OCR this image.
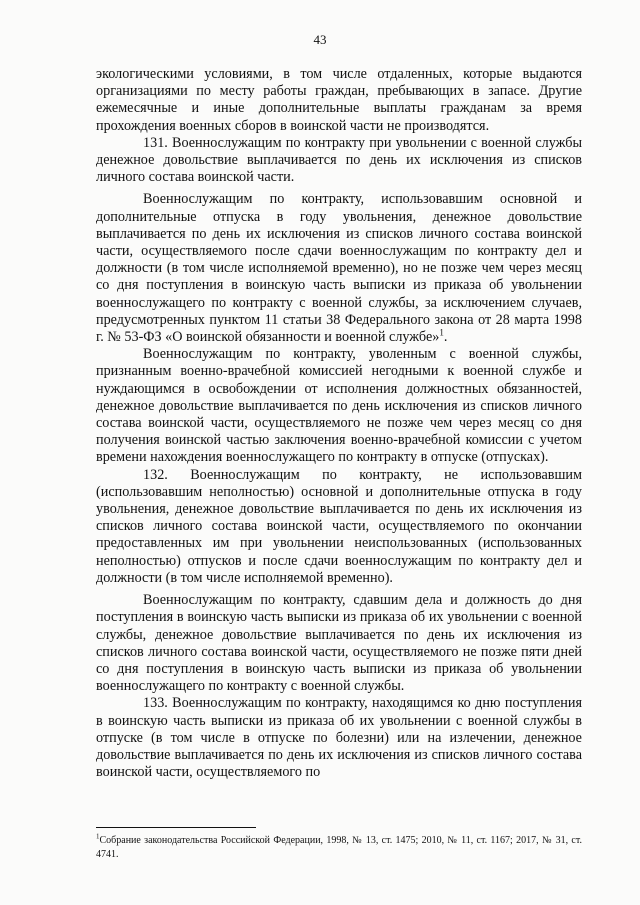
43

экологическими условиями, в том числе отдаленных, которые выдаются организациями по месту работы граждан, пребывающих в запасе. Другие ежемесячные и иные дополнительные выплаты гражданам за время прохождения военных сборов в воинской части не производятся.

131. Военнослужащим по контракту при увольнении с военной службы денежное довольствие выплачивается по день их исключения из списков личного состава воинской части.

Военнослужащим по контракту, использовавшим основной и дополнительные отпуска в году увольнения, денежное довольствие выплачивается по день их исключения из списков личного состава воинской части, осуществляемого после сдачи военнослужащим по контракту дел и должности (в том числе исполняемой временно), но не позже чем через месяц со дня поступления в воинскую часть выписки из приказа об увольнении военнослужащего по контракту с военной службы, за исключением случаев, предусмотренных пунктом 11 статьи 38 Федерального закона от 28 марта 1998 г. № 53-ФЗ «О воинской обязанности и военной службе»$^1$.

Военнослужащим по контракту, уволенным с военной службы, признанным военно-врачебной комиссией негодными к военной службе и нуждающимся в освобождении от исполнения должностных обязанностей, денежное довольствие выплачивается по день исключения из списков личного состава воинской части, осуществляемого не позже чем через месяц со дня получения воинской частью заключения военно-врачебной комиссии с учетом времени нахождения военнослужащего по контракту в отпуске (отпусках).

132. Военнослужащим по контракту, не использовавшим (использовавшим неполностью) основной и дополнительные отпуска в году увольнения, денежное довольствие выплачивается по день их исключения из списков личного состава воинской части, осуществляемого по окончании предоставленных им при увольнении неиспользованных (использованных неполностью) отпусков и после сдачи военнослужащим по контракту дел и должности (в том числе исполняемой временно).

Военнослужащим по контракту, сдавшим дела и должность до дня поступления в воинскую часть выписки из приказа об их увольнении с военной службы, денежное довольствие выплачивается по день их исключения из списков личного состава воинской части, осуществляемого не позже пяти дней со дня поступления в воинскую часть выписки из приказа об увольнении военнослужащего по контракту с военной службы.

133. Военнослужащим по контракту, находящимся ко дню поступления в воинскую часть выписки из приказа об их увольнении с военной службы в отпуске (в том числе в отпуске по болезни) или на излечении, денежное довольствие выплачивается по день их исключения из списков личного состава воинской части, осуществляемого по

$^1$Собрание законодательства Российской Федерации, 1998, № 13, ст. 1475; 2010, № 11, ст. 1167; 2017, № 31, ст. 4741.
